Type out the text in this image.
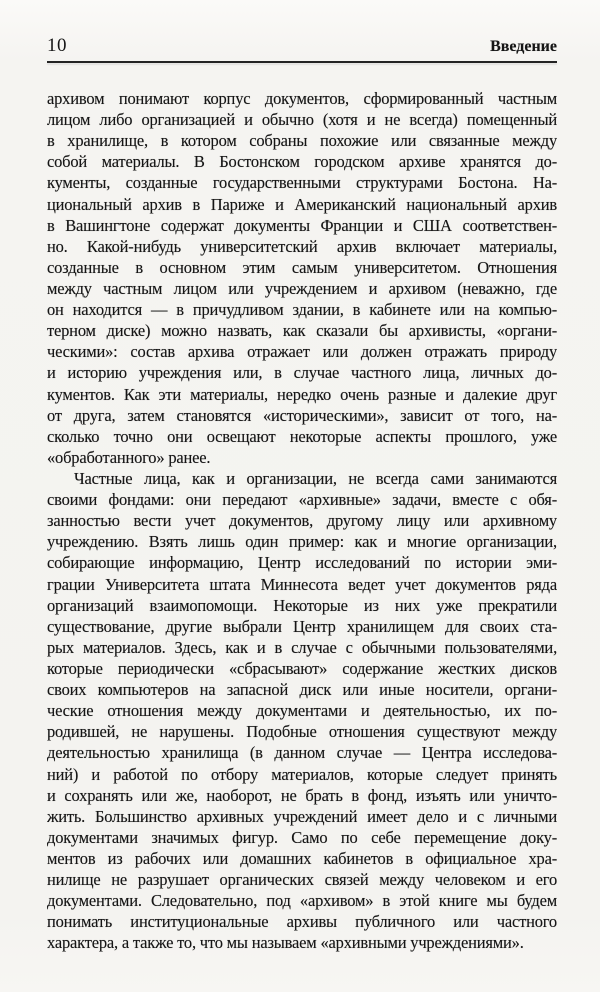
10	Введение
архивом понимают корпус документов, сформированный частным
лицом либо организацией и обычно (хотя и не всегда) помещенный
в хранилище, в котором собраны похожие или связанные между
собой материалы. В Бостонском городском архиве хранятся до-
кументы, созданные государственными структурами Бостона. На-
циональный архив в Париже и Американский национальный архив
в Вашингтоне содержат документы Франции и США соответствен-
но. Какой-нибудь университетский архив включает материалы,
созданные в основном этим самым университетом. Отношения
между частным лицом или учреждением и архивом (неважно, где
он находится — в причудливом здании, в кабинете или на компью-
терном диске) можно назвать, как сказали бы архивисты, «органи-
ческими»: состав архива отражает или должен отражать природу
и историю учреждения или, в случае частного лица, личных до-
кументов. Как эти материалы, нередко очень разные и далекие друг
от друга, затем становятся «историческими», зависит от того, на-
сколько точно они освещают некоторые аспекты прошлого, уже
«обработанного» ранее.
Частные лица, как и организации, не всегда сами занимаются
своими фондами: они передают «архивные» задачи, вместе с обя-
занностью вести учет документов, другому лицу или архивному
учреждению. Взять лишь один пример: как и многие организации,
собирающие информацию, Центр исследований по истории эми-
грации Университета штата Миннесота ведет учет документов ряда
организаций взаимопомощи. Некоторые из них уже прекратили
существование, другие выбрали Центр хранилищем для своих ста-
рых материалов. Здесь, как и в случае с обычными пользователями,
которые периодически «сбрасывают» содержание жестких дисков
своих компьютеров на запасной диск или иные носители, органи-
ческие отношения между документами и деятельностью, их по-
родившей, не нарушены. Подобные отношения существуют между
деятельностью хранилища (в данном случае — Центра исследова-
ний) и работой по отбору материалов, которые следует принять
и сохранять или же, наоборот, не брать в фонд, изъять или уничто-
жить. Большинство архивных учреждений имеет дело и с личными
документами значимых фигур. Само по себе перемещение доку-
ментов из рабочих или домашних кабинетов в официальное хра-
нилище не разрушает органических связей между человеком и его
документами. Следовательно, под «архивом» в этой книге мы будем
понимать институциональные архивы публичного или частного
характера, а также то, что мы называем «архивными учреждениями».
